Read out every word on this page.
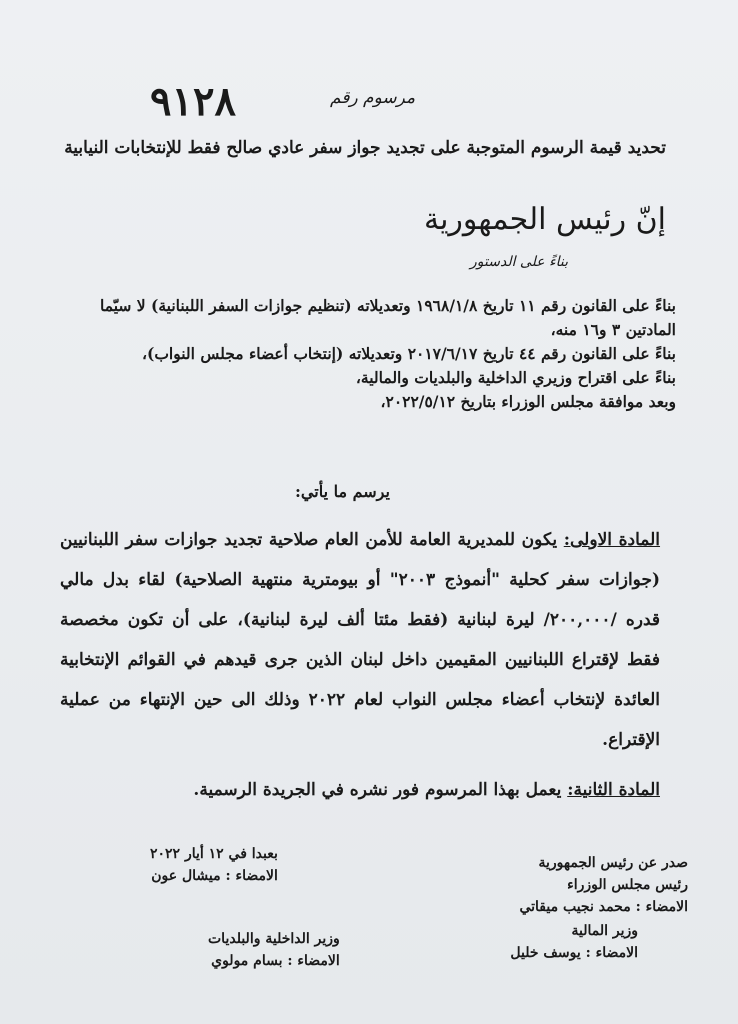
مرسوم رقم
٩١٢٨
تحديد قيمة الرسوم المتوجبة على تجديد جواز سفر عادي صالح فقط للإنتخابات النيابية
إنّ رئيس الجمهورية
بناءً على الدستور

بناءً على القانون رقم ١١ تاريخ ١٩٦٨/١/٨ وتعديلاته (تنظيم جوازات السفر اللبنانية) لا سيّما المادتين ٣ و١٦ منه،

بناءً على القانون رقم ٤٤ تاريخ ٢٠١٧/٦/١٧ وتعديلاته (إنتخاب أعضاء مجلس النواب)،

بناءً على اقتراح وزيري الداخلية والبلديات والمالية،

وبعد موافقة مجلس الوزراء بتاريخ ٢٠٢٢/٥/١٢،

يرسم ما يأتي:
المادة الاولى: يكون للمديرية العامة للأمن العام صلاحية تجديد جوازات سفر اللبنانيين (جوازات سفر كحلية "أنموذج ٢٠٠٣" أو بيومترية منتهية الصلاحية) لقاء بدل مالي قدره /٢٠٠,٠٠٠/ ليرة لبنانية (فقط مئتا ألف ليرة لبنانية)، على أن تكون مخصصة فقط لإقتراع اللبنانيين المقيمين داخل لبنان الذين جرى قيدهم في القوائم الإنتخابية العائدة لإنتخاب أعضاء مجلس النواب لعام ٢٠٢٢ وذلك الى حين الإنتهاء من عملية الإقتراع.
المادة الثانية: يعمل بهذا المرسوم فور نشره في الجريدة الرسمية.
بعبدا في ١٢ أيار ٢٠٢٢
الامضاء : ميشال عون
صدر عن رئيس الجمهورية
رئيس مجلس الوزراء
الامضاء : محمد نجيب ميقاتي
وزير الداخلية والبلديات
الامضاء : بسام مولوي
وزير المالية
الامضاء : يوسف خليل
